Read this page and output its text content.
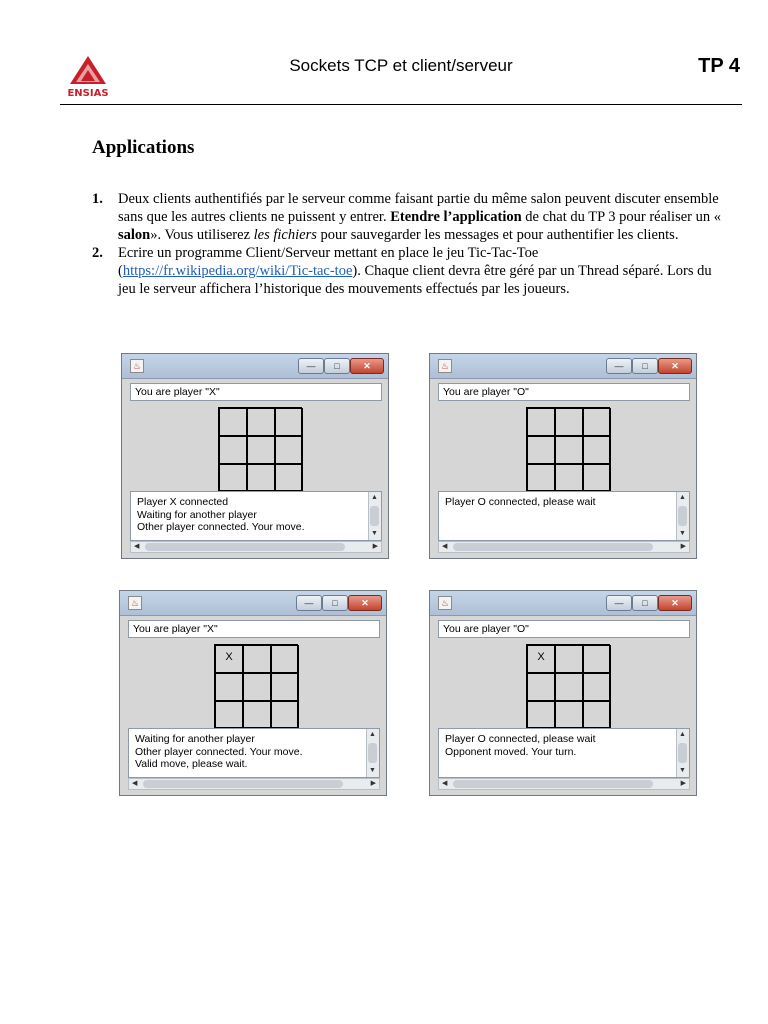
ENSIAS
Sockets TCP et client/serveur	TP 4
Applications
1. Deux clients authentifiés par le serveur comme faisant partie du même salon peuvent discuter ensemble sans que les autres clients ne puissent y entrer. Etendre l’application de chat du TP 3 pour réaliser un « salon». Vous utiliserez les fichiers pour sauvegarder les messages et pour authentifier les clients.
2. Ecrire un programme Client/Serveur mettant en place le jeu Tic-Tac-Toe (https://fr.wikipedia.org/wiki/Tic-tac-toe). Chaque client devra être géré par un Thread séparé. Lors du jeu le serveur affichera l’historique des mouvements effectués par les joueurs.
♨	—	□	✕
You are player "X"
Player X connected
Waiting for another player
Other player connected. Your move.
▲
▼
◀	▶
♨	—	□	✕
You are player "O"
Player O connected, please wait	▲
▼
◀	▶
♨	—	□	✕
You are player "X"
X
Waiting for another player
Other player connected. Your move.
Valid move, please wait.
▲
▼
◀	▶
♨	—	□	✕
You are player "O"
X
Player O connected, please wait
Opponent moved. Your turn.
▲
▼
◀	▶
